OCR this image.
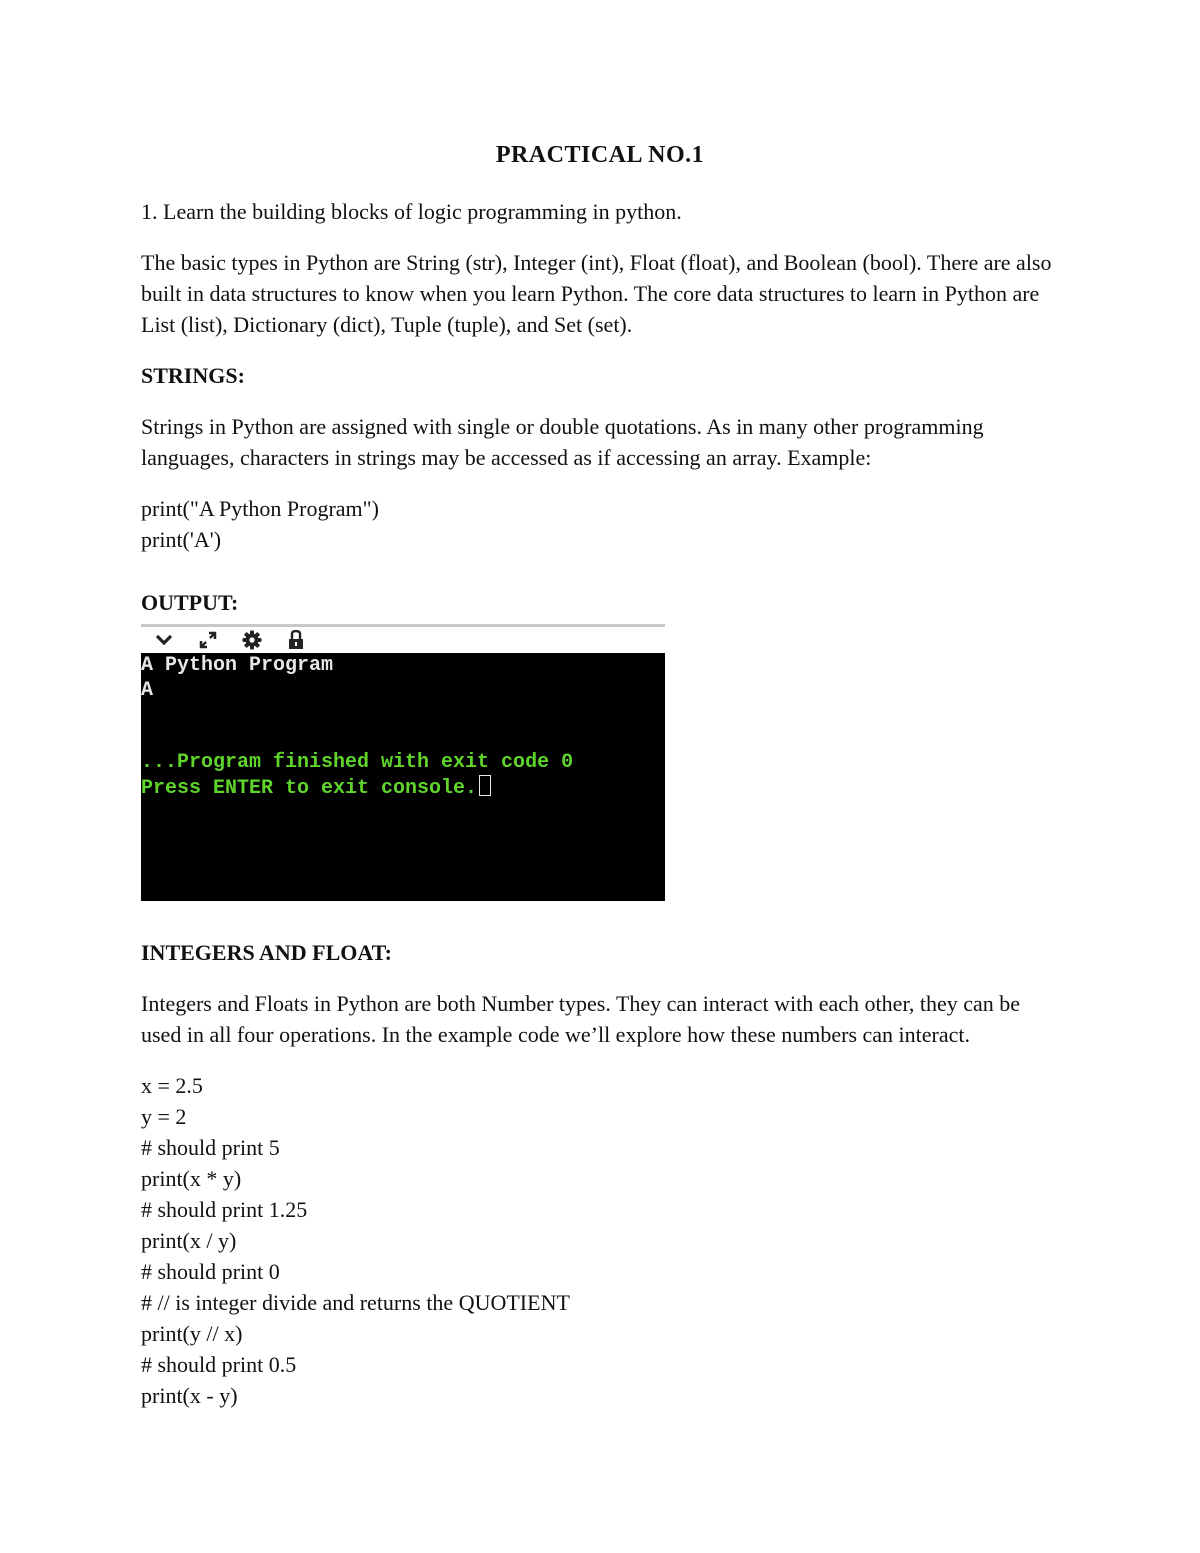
PRACTICAL NO.1

1. Learn the building blocks of logic programming in python.

The basic types in Python are String (str), Integer (int), Float (float), and Boolean (bool). There are also built in data structures to know when you learn Python. The core data structures to learn in Python are List (list), Dictionary (dict), Tuple (tuple), and Set (set).

STRINGS:

Strings in Python are assigned with single or double quotations. As in many other programming languages, characters in strings may be accessed as if accessing an array. Example:

print("A Python Program")
print('A')

OUTPUT:

A Python Program
A
...Program finished with exit code 0
Press ENTER to exit console.

INTEGERS AND FLOAT:

Integers and Floats in Python are both Number types. They can interact with each other, they can be used in all four operations. In the example code we’ll explore how these numbers can interact.

x = 2.5
y = 2
# should print 5
print(x * y)
# should print 1.25
print(x / y)
# should print 0
# // is integer divide and returns the QUOTIENT
print(y // x)
# should print 0.5
print(x - y)
